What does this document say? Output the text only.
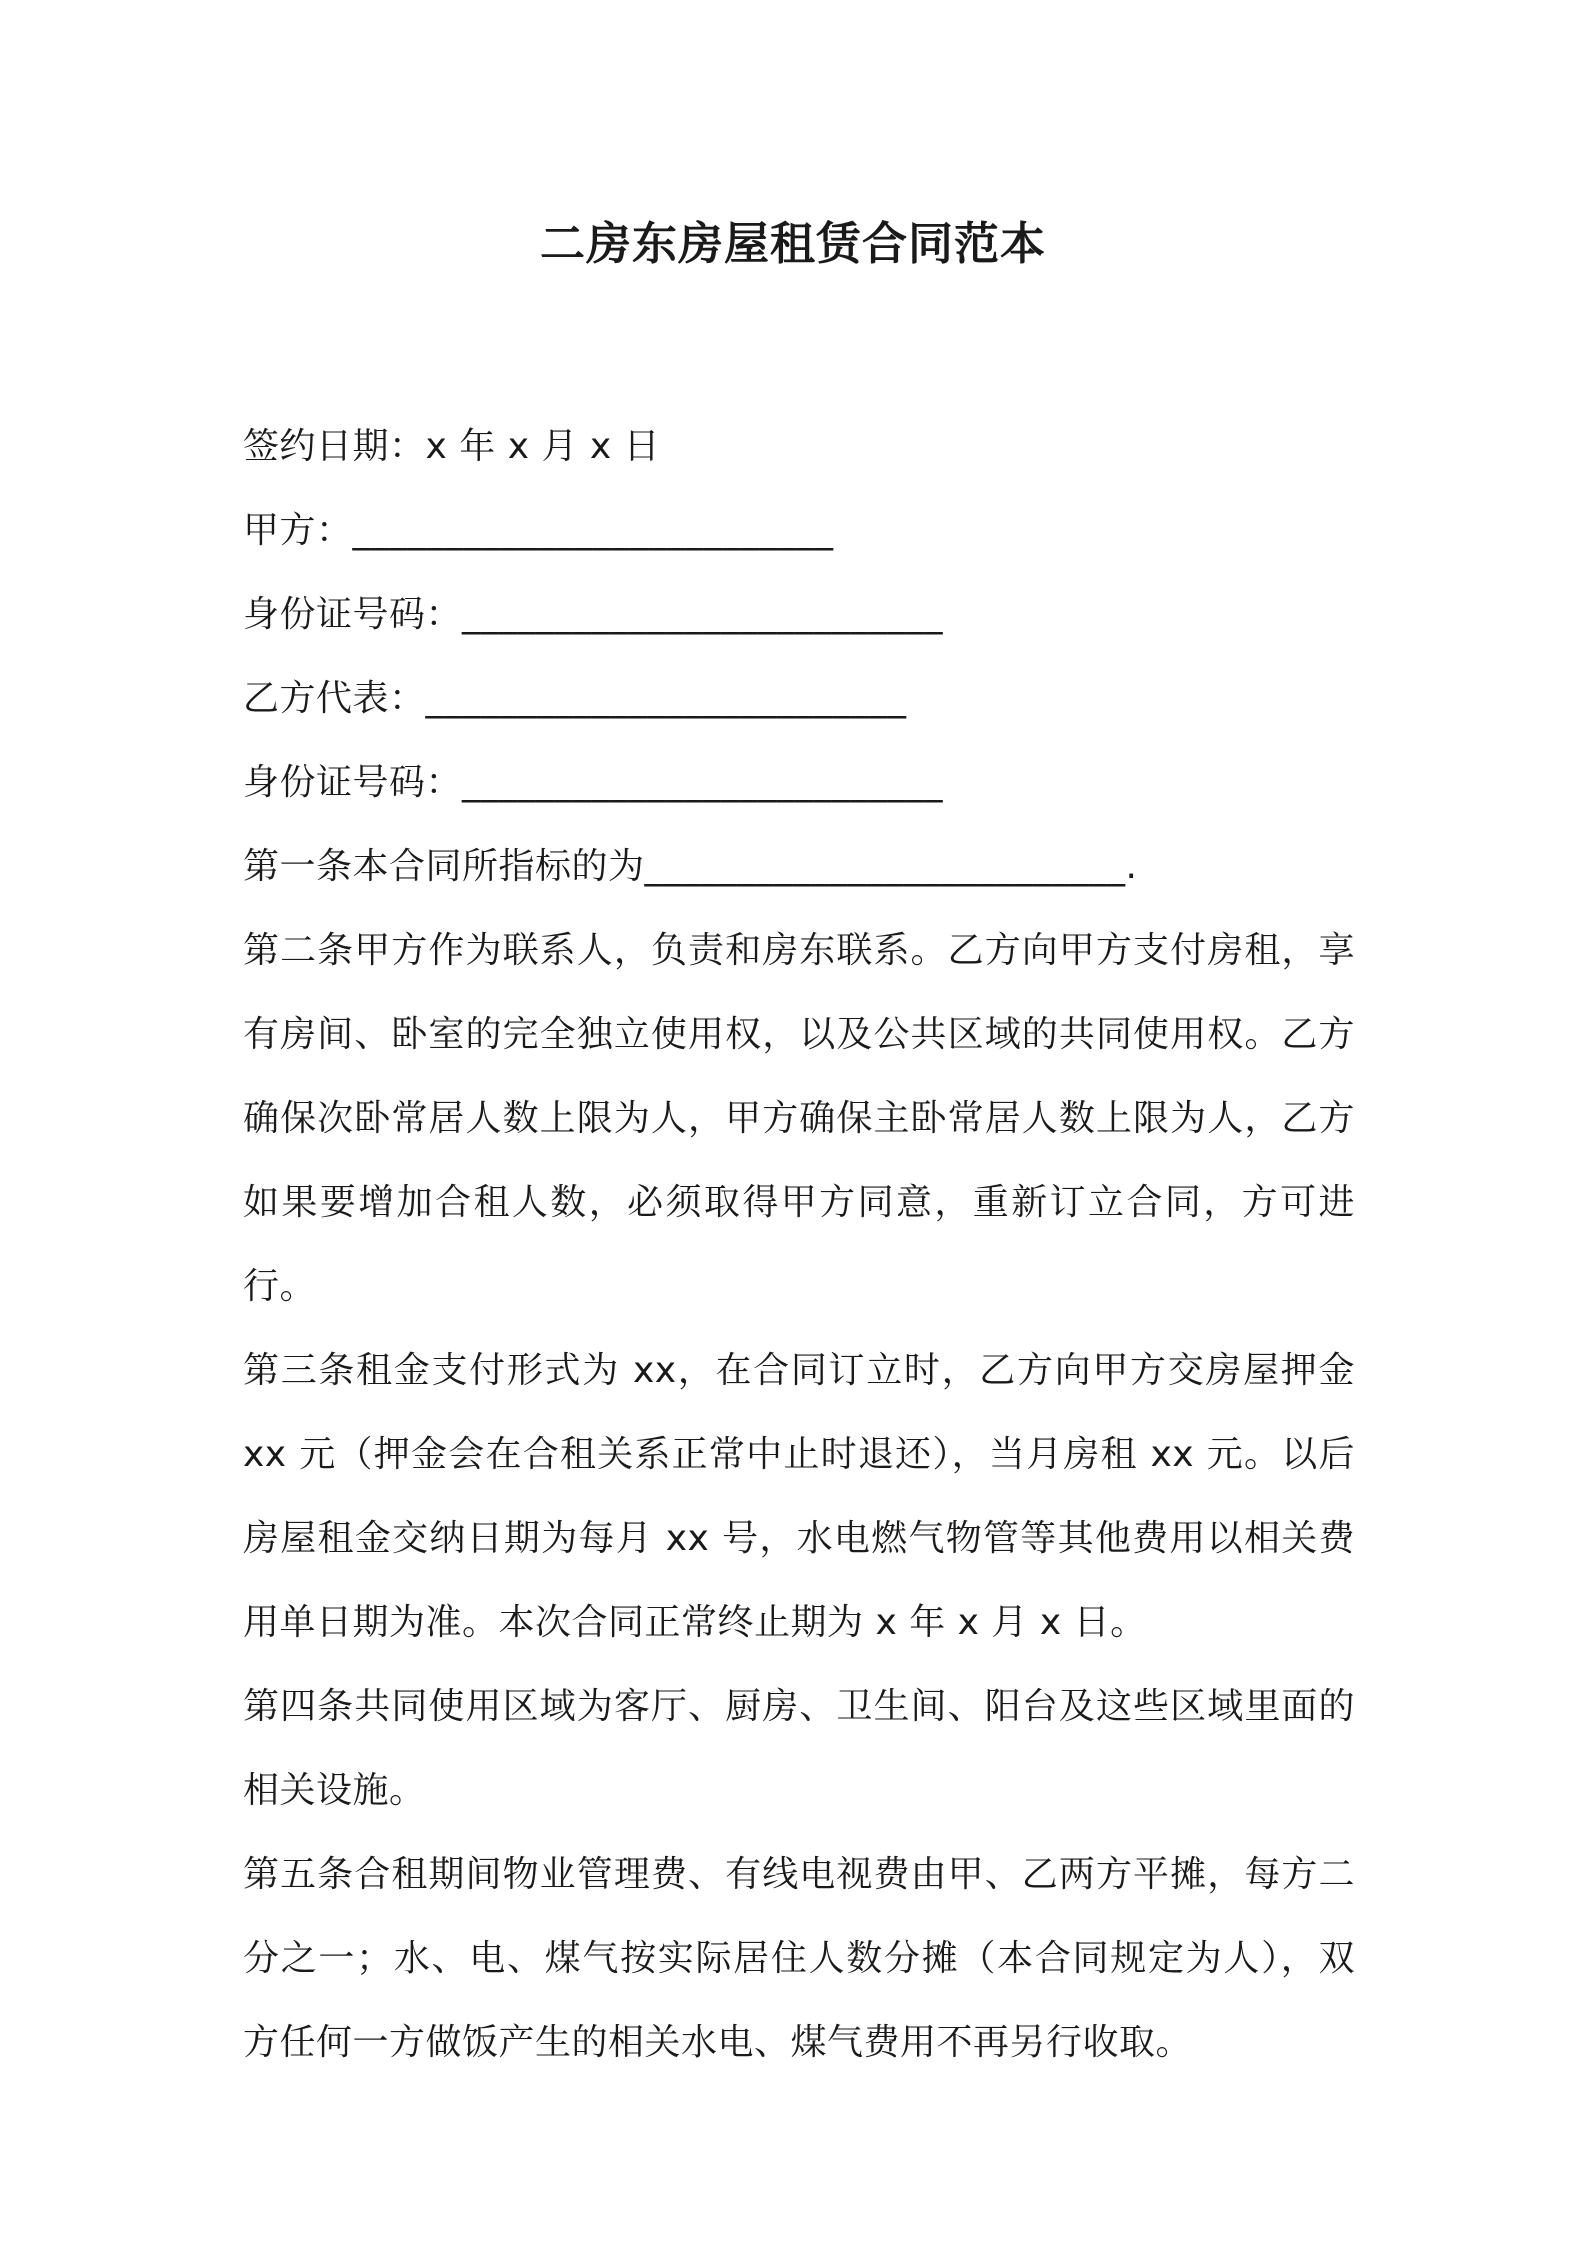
二房东房屋租赁合同范本
签约日期：x 年 x 月 x 日
甲方：__________________________
身份证号码：__________________________
乙方代表：__________________________
身份证号码：__________________________

第一条本合同所指标的为__________________________.

第二条甲方作为联系人，负责和房东联系。乙方向甲方支付房租，享有房间、卧室的完全独立使用权，以及公共区域的共同使用权。乙方确保次卧常居人数上限为人，甲方确保主卧常居人数上限为人，乙方如果要增加合租人数，必须取得甲方同意，重新订立合同，方可进行。

第三条租金支付形式为 xx，在合同订立时，乙方向甲方交房屋押金 xx 元（押金会在合租关系正常中止时退还），当月房租 xx 元。以后房屋租金交纳日期为每月 xx 号，水电燃气物管等其他费用以相关费用单日期为准。本次合同正常终止期为 x 年 x 月 x 日。

第四条共同使用区域为客厅、厨房、卫生间、阳台及这些区域里面的相关设施。

第五条合租期间物业管理费、有线电视费由甲、乙两方平摊，每方二分之一；水、电、煤气按实际居住人数分摊（本合同规定为人），双方任何一方做饭产生的相关水电、煤气费用不再另行收取。
